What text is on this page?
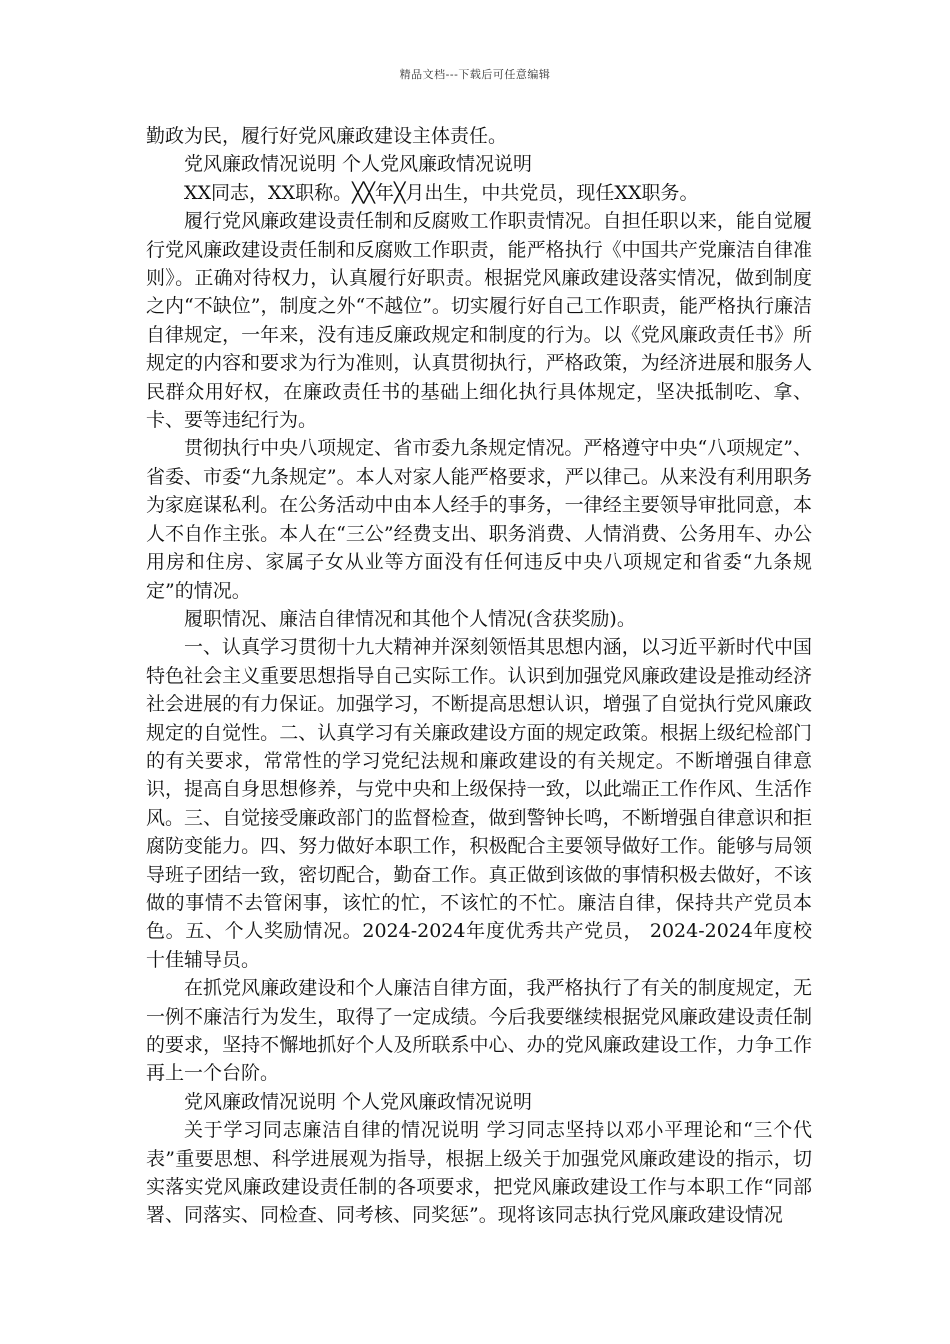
精品文档---下载后可任意编辑

勤政为民，履行好党风廉政建设主体责任。

党风廉政情况说明 个人党风廉政情况说明

XX同志，XX职称。╳╳年╳月出生，中共党员，现任XX职务。

履行党风廉政建设责任制和反腐败工作职责情况。自担任职以来，能自觉履行党风廉政建设责任制和反腐败工作职责，能严格执行《中国共产党廉洁自律准则》。正确对待权力，认真履行好职责。根据党风廉政建设落实情况，做到制度之内“不缺位”，制度之外“不越位”。切实履行好自己工作职责，能严格执行廉洁自律规定，一年来，没有违反廉政规定和制度的行为。以《党风廉政责任书》所规定的内容和要求为行为准则，认真贯彻执行，严格政策，为经济进展和服务人民群众用好权，在廉政责任书的基础上细化执行具体规定，坚决抵制吃、拿、卡、要等违纪行为。

贯彻执行中央八项规定、省市委九条规定情况。严格遵守中央“八项规定”、省委、市委“九条规定”。本人对家人能严格要求，严以律己。从来没有利用职务为家庭谋私利。在公务活动中由本人经手的事务，一律经主要领导审批同意，本人不自作主张。本人在“三公”经费支出、职务消费、人情消费、公务用车、办公用房和住房、家属子女从业等方面没有任何违反中央八项规定和省委“九条规定”的情况。

履职情况、廉洁自律情况和其他个人情况(含获奖励)。

一、认真学习贯彻十九大精神并深刻领悟其思想内涵，以习近平新时代中国特色社会主义重要思想指导自己实际工作。认识到加强党风廉政建设是推动经济社会进展的有力保证。加强学习，不断提高思想认识，增强了自觉执行党风廉政规定的自觉性。二、认真学习有关廉政建设方面的规定政策。根据上级纪检部门的有关要求，常常性的学习党纪法规和廉政建设的有关规定。不断增强自律意识，提高自身思想修养，与党中央和上级保持一致，以此端正工作作风、生活作风。三、自觉接受廉政部门的监督检查，做到警钟长鸣，不断增强自律意识和拒腐防变能力。四、努力做好本职工作，积极配合主要领导做好工作。能够与局领导班子团结一致，密切配合，勤奋工作。真正做到该做的事情积极去做好，不该做的事情不去管闲事，该忙的忙，不该忙的不忙。廉洁自律，保持共产党员本色。五、个人奖励情况。2024-2024年度优秀共产党员， 2024-2024年度校十佳辅导员。

在抓党风廉政建设和个人廉洁自律方面，我严格执行了有关的制度规定，无一例不廉洁行为发生，取得了一定成绩。今后我要继续根据党风廉政建设责任制的要求，坚持不懈地抓好个人及所联系中心、办的党风廉政建设工作，力争工作再上一个台阶。

党风廉政情况说明 个人党风廉政情况说明

关于学习同志廉洁自律的情况说明 学习同志坚持以邓小平理论和“三个代表”重要思想、科学进展观为指导，根据上级关于加强党风廉政建设的指示，切实落实党风廉政建设责任制的各项要求，把党风廉政建设工作与本职工作“同部署、同落实、同检查、同考核、同奖惩”。现将该同志执行党风廉政建设情况
